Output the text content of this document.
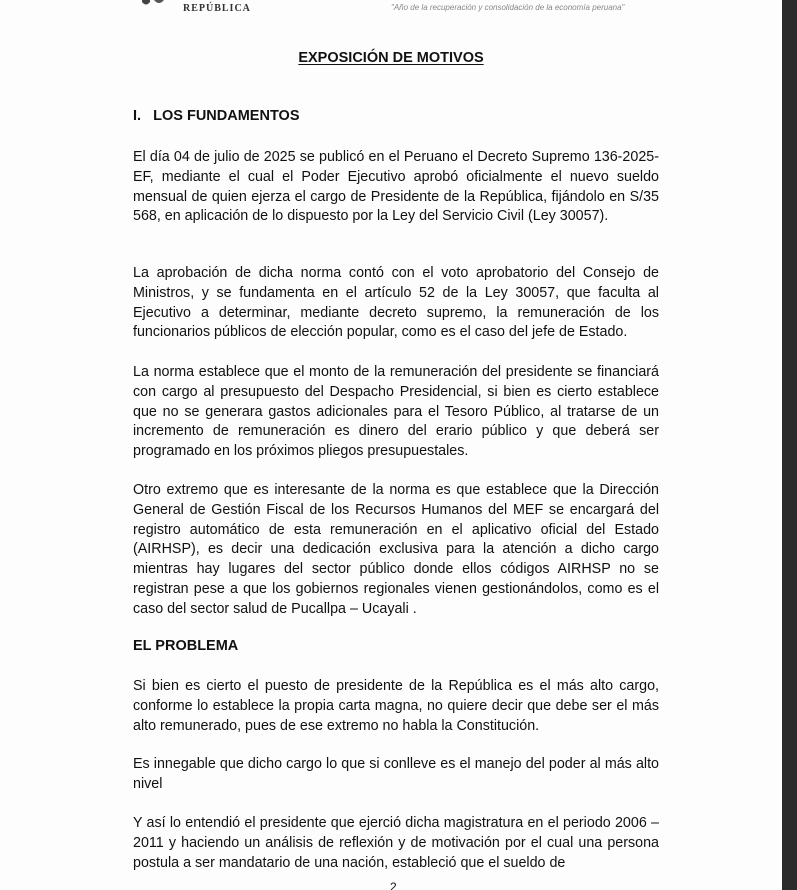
REPÚBLICA	"Año de la recuperación y consolidación de la economía peruana"
EXPOSICIÓN DE MOTIVOS
I.   LOS FUNDAMENTOS

El día 04 de julio de 2025 se publicó en el Peruano el Decreto Supremo 136-2025-EF, mediante el cual el Poder Ejecutivo aprobó oficialmente el nuevo sueldo mensual de quien ejerza el cargo de Presidente de la República, fijándolo en S/35 568, en aplicación de lo dispuesto por la Ley del Servicio Civil (Ley 30057).

La aprobación de dicha norma contó con el voto aprobatorio del Consejo de Ministros, y se fundamenta en el artículo 52 de la Ley 30057, que faculta al Ejecutivo a determinar, mediante decreto supremo, la remuneración de los funcionarios públicos de elección popular, como es el caso del jefe de Estado.

La norma establece que el monto de la remuneración del presidente se financiará con cargo al presupuesto del Despacho Presidencial, si bien es cierto establece que no se generara gastos adicionales para el Tesoro Público, al tratarse de un incremento de remuneración es dinero del erario público y que deberá ser programado en los próximos pliegos presupuestales.

Otro extremo que es interesante de la norma es que establece que la Dirección General de Gestión Fiscal de los Recursos Humanos del MEF se encargará del registro automático de esta remuneración en el aplicativo oficial del Estado (AIRHSP), es decir una dedicación exclusiva para la atención a dicho cargo mientras hay lugares del sector público donde ellos códigos AIRHSP no se registran pese a que los gobiernos regionales vienen gestionándolos, como es el caso del sector salud de Pucallpa – Ucayali .

EL PROBLEMA

Si bien es cierto el puesto de presidente de la República es el más alto cargo, conforme lo establece la propia carta magna, no quiere decir que debe ser el más alto remunerado, pues de ese extremo no habla la Constitución.

Es innegable que dicho cargo lo que si conlleve es el manejo del poder al más alto nivel

Y así lo entendió el presidente que ejerció dicha magistratura en el periodo 2006 – 2011 y haciendo un análisis de reflexión y de motivación por el cual una persona postula a ser mandatario de una nación, estableció que el sueldo de

2
